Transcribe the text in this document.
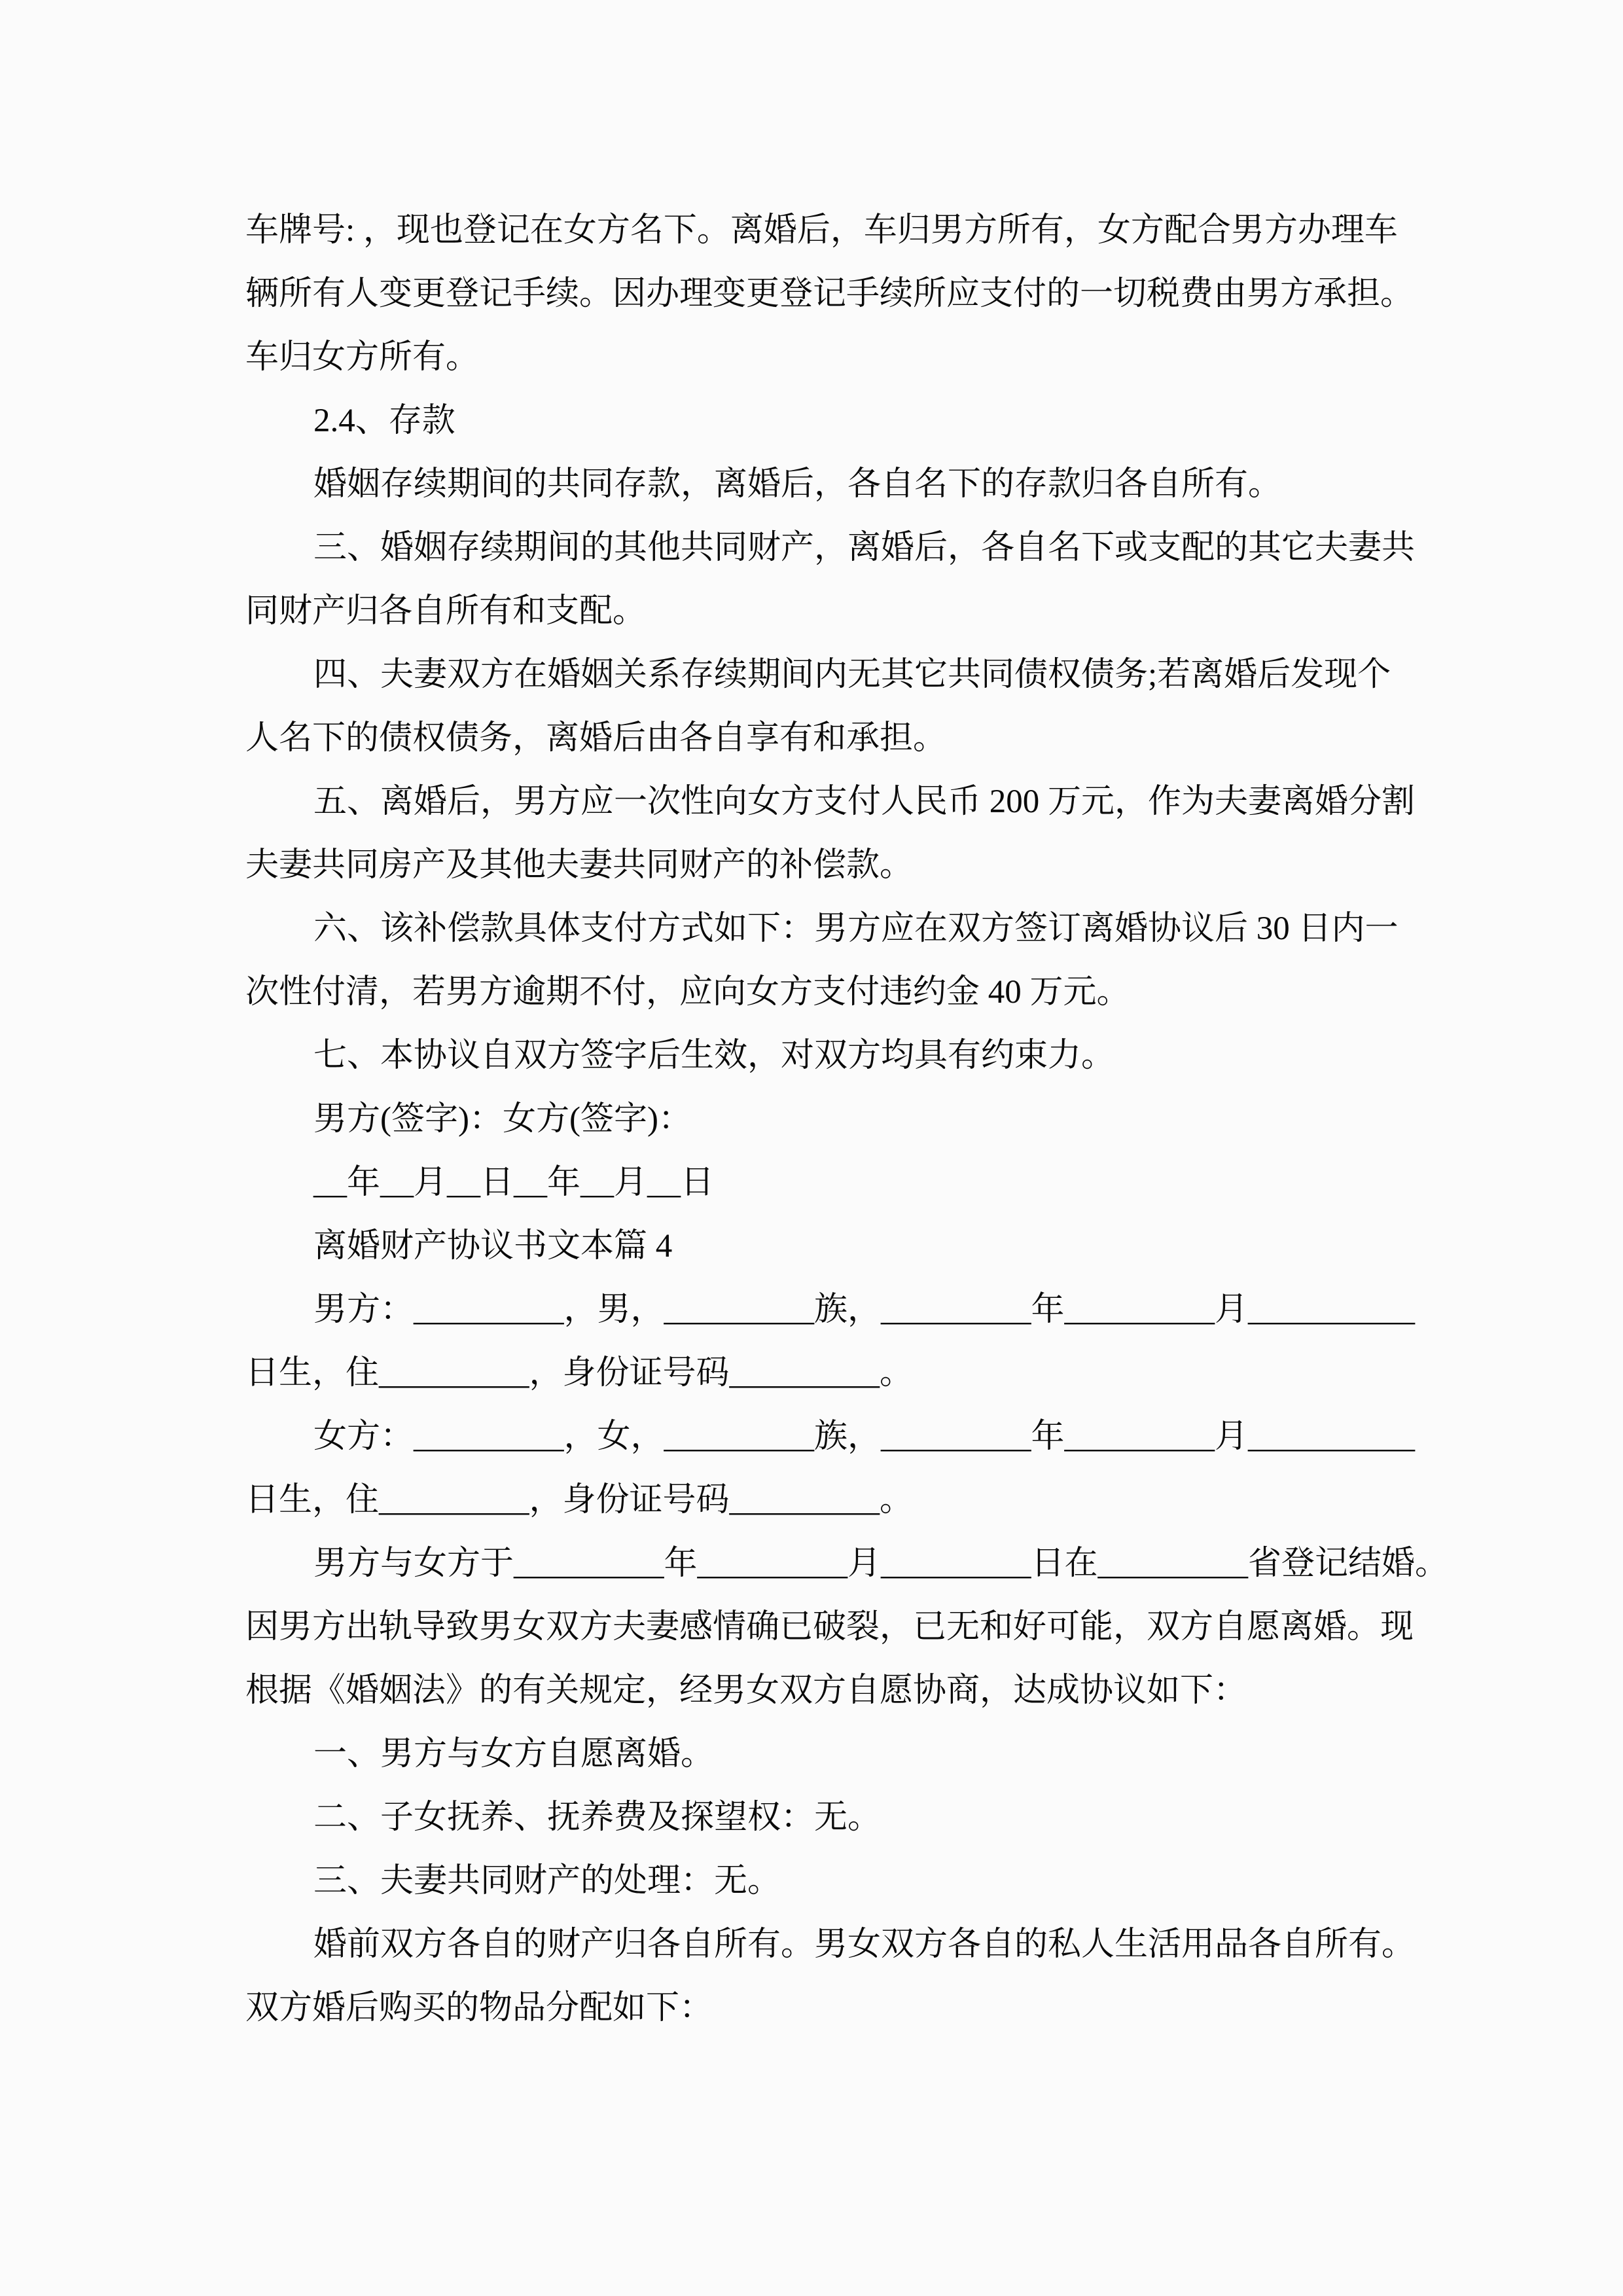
车牌号: ，现也登记在女方名下。离婚后，车归男方所有，女方配合男方办理车
辆所有人变更登记手续。因办理变更登记手续所应支付的一切税费由男方承担。
车归女方所有。
2.4、存款
婚姻存续期间的共同存款，离婚后，各自名下的存款归各自所有。
三、婚姻存续期间的其他共同财产，离婚后，各自名下或支配的其它夫妻共
同财产归各自所有和支配。
四、夫妻双方在婚姻关系存续期间内无其它共同债权债务;若离婚后发现个
人名下的债权债务，离婚后由各自享有和承担。
五、离婚后，男方应一次性向女方支付人民币 200 万元，作为夫妻离婚分割
夫妻共同房产及其他夫妻共同财产的补偿款。
六、该补偿款具体支付方式如下：男方应在双方签订离婚协议后 30 日内一
次性付清，若男方逾期不付，应向女方支付违约金 40 万元。
七、本协议自双方签字后生效，对双方均具有约束力。
男方(签字)：女方(签字)：
__年__月__日__年__月__日
离婚财产协议书文本篇 4
男方：_________，男，_________族，_________年_________月__________
日生，住_________，身份证号码_________。
女方：_________，女，_________族，_________年_________月__________
日生，住_________，身份证号码_________。
男方与女方于_________年_________月_________日在_________省登记结婚。
因男方出轨导致男女双方夫妻感情确已破裂，已无和好可能，双方自愿离婚。现
根据《婚姻法》的有关规定，经男女双方自愿协商，达成协议如下：
一、男方与女方自愿离婚。
二、子女抚养、抚养费及探望权：无。
三、夫妻共同财产的处理：无。
婚前双方各自的财产归各自所有。男女双方各自的私人生活用品各自所有。
双方婚后购买的物品分配如下：
